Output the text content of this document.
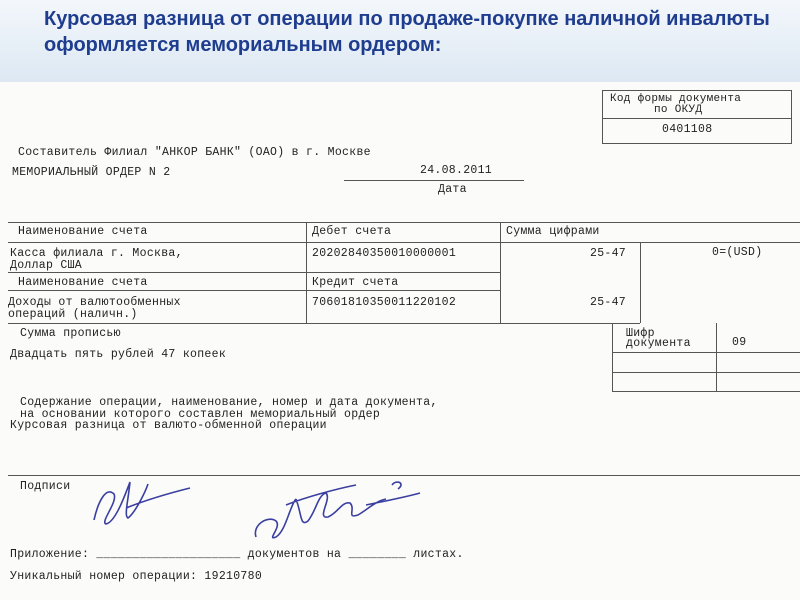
Курсовая разница от операции по продаже-покупке наличной инвалюты оформляется мемориальным ордером:
Код формы документа
по ОКУД
0401108
Составитель Филиал "АНКОР БАНК" (ОАО) в г. Москве
МЕМОРИАЛЬНЫЙ ОРДЕР N 2	24.08.2011
Дата
Наименование счета	Дебет счета	Сумма цифрами
Касса филиала г. Москва,
Доллар США
20202840350010000001	25-47	0=(USD)
Наименование счета	Кредит счета
Доходы от валютообменных
операций (наличн.)
70601810350011220102	25-47
Сумма прописью
Двадцать пять рублей 47 копеек
Шифр
документа	09
Содержание операции, наименование, номер и дата документа,
на основании которого составлен мемориальный ордер
Курсовая разница от валюто-обменной операции
Подписи
Приложение: ____________________ документов на ________ листах.
Уникальный номер операции: 19210780
